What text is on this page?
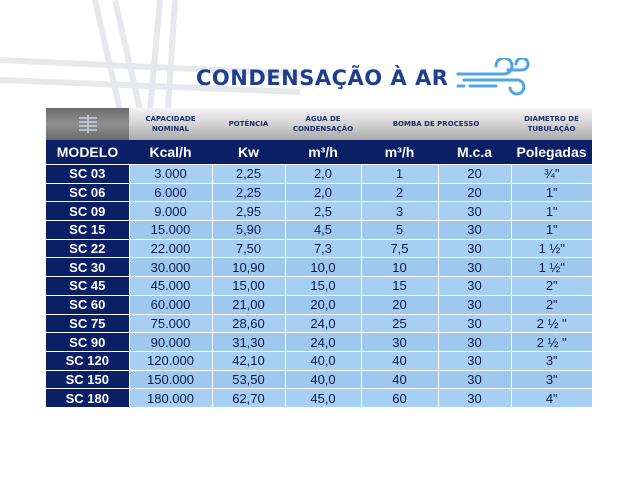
CONDENSAÇÃO À AR
	CAPACIDADE NOMINAL	POTÊNCIA	ÁGUA DE CONDENSAÇÃO	BOMBA DE PROCESSO		DIAMETRO DE TUBULAÇÃO
MODELO	Kcal/h	Kw	m³/h	m³/h	M.c.a	Polegadas
SC 03	3.000	2,25	2,0	1	20	¾"
SC 06	6.000	2,25	2,0	2	20	1"
SC 09	9.000	2,95	2,5	3	30	1"
SC 15	15.000	5,90	4,5	5	30	1"
SC 22	22.000	7,50	7,3	7,5	30	1 ½"
SC 30	30.000	10,90	10,0	10	30	1 ½"
SC 45	45.000	15,00	15,0	15	30	2"
SC 60	60.000	21,00	20,0	20	30	2"
SC 75	75.000	28,60	24,0	25	30	2 ½ "
SC 90	90.000	31,30	24,0	30	30	2 ½ "
SC 120	120.000	42,10	40,0	40	30	3"
SC 150	150.000	53,50	40,0	40	30	3"
SC 180	180.000	62,70	45,0	60	30	4"
